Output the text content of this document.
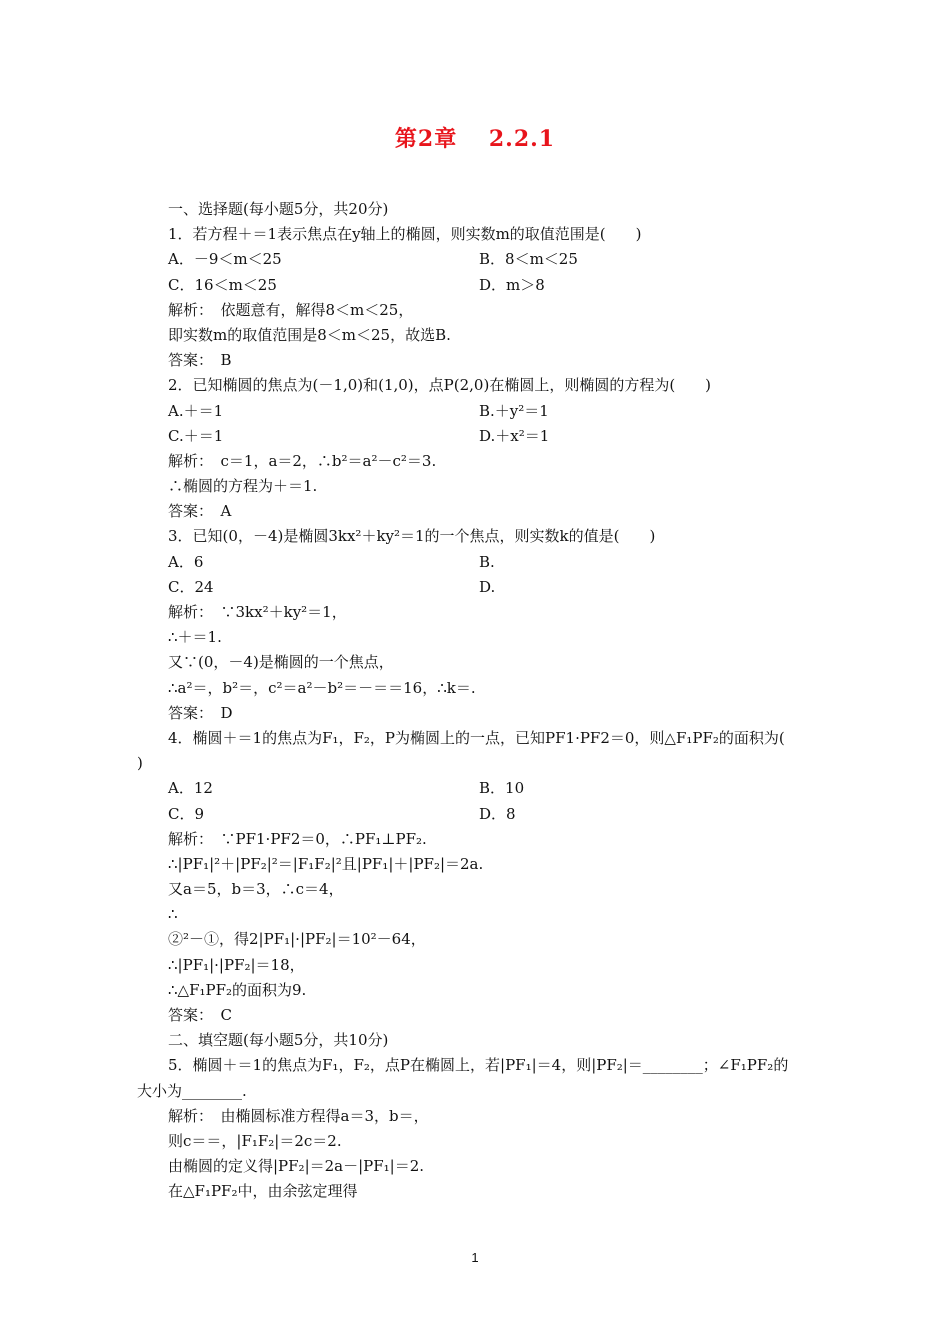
第2章　 2.2.1
一、选择题(每小题5分，共20分)
1．若方程＋＝1表示焦点在y轴上的椭圆，则实数m的取值范围是(　　)
A．－9＜m＜25	B．8＜m＜25
C．16＜m＜25	D．m＞8
解析：　依题意有，解得8＜m＜25，
即实数m的取值范围是8＜m＜25，故选B.
答案：　B
2．已知椭圆的焦点为(－1,0)和(1,0)，点P(2,0)在椭圆上，则椭圆的方程为(　　)
A.＋＝1	B.＋y²＝1
C.＋＝1	D.＋x²＝1
解析：　c＝1，a＝2，∴b²＝a²－c²＝3.
∴椭圆的方程为＋＝1.
答案：　A
3．已知(0，－4)是椭圆3kx²＋ky²＝1的一个焦点，则实数k的值是(　　)
A．6	B.
C．24	D.
解析：　∵3kx²＋ky²＝1，
∴＋＝1.
又∵(0，－4)是椭圆的一个焦点，
∴a²＝，b²＝，c²＝a²－b²＝－＝＝16，∴k＝.
答案：　D
4．椭圆＋＝1的焦点为F₁，F₂，P为椭圆上的一点，已知PF1·PF2＝0，则△F₁PF₂的面积为(
)
A．12	B．10
C．9	D．8
解析：　∵PF1·PF2＝0，∴PF₁⊥PF₂.
∴|PF₁|²＋|PF₂|²＝|F₁F₂|²且|PF₁|＋|PF₂|＝2a.
又a＝5，b＝3，∴c＝4，
∴
②²－①，得2|PF₁|·|PF₂|＝10²－64，
∴|PF₁|·|PF₂|＝18，
∴△F₁PF₂的面积为9.
答案：　C
二、填空题(每小题5分，共10分)
5．椭圆＋＝1的焦点为F₁，F₂，点P在椭圆上，若|PF₁|＝4，则|PF₂|＝________；∠F₁PF₂的
大小为________.
解析：　由椭圆标准方程得a＝3，b＝，
则c＝＝，|F₁F₂|＝2c＝2.
由椭圆的定义得|PF₂|＝2a－|PF₁|＝2.
在△F₁PF₂中，由余弦定理得
1
